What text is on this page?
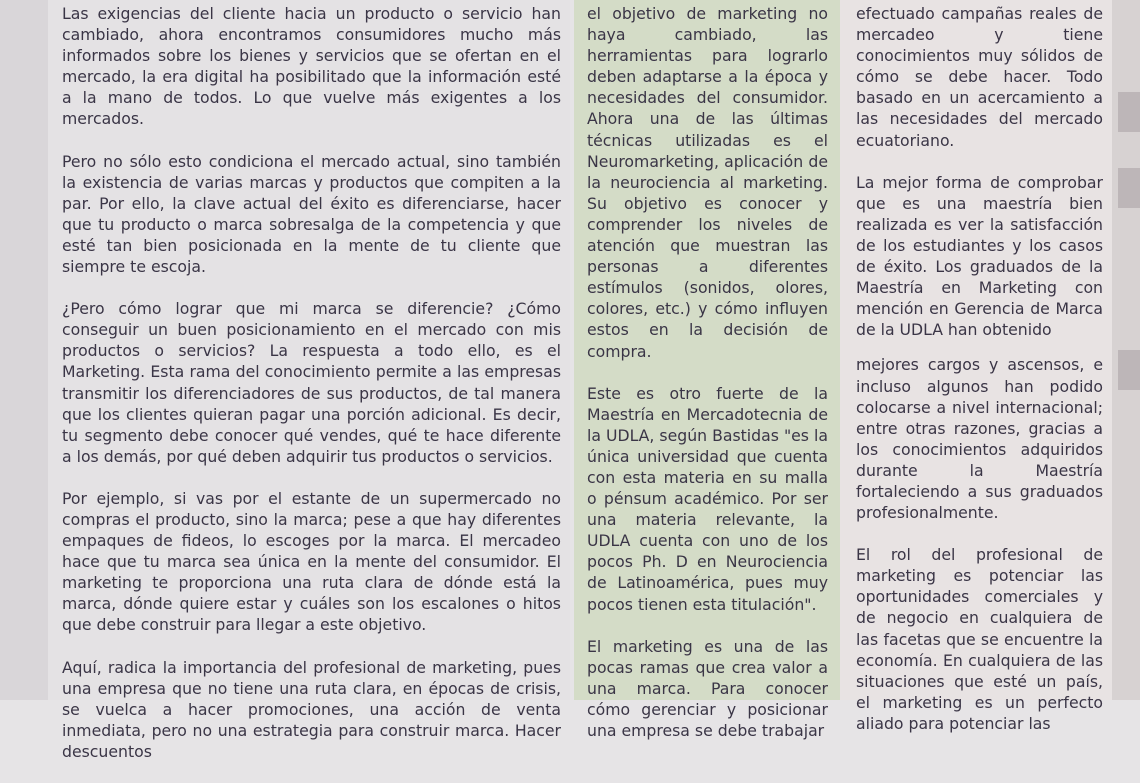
Las exigencias del cliente hacia un producto o servicio han cambiado, ahora encontramos consumidores mucho más informados sobre los bienes y servicios que se ofertan en el mercado, la era digital ha posibilitado que la información esté a la mano de todos. Lo que vuelve más exigentes a los mercados.

Pero no sólo esto condiciona el mercado actual, sino también la existencia de varias marcas y productos que compiten a la par. Por ello, la clave actual del éxito es diferenciarse, hacer que tu producto o marca sobresalga de la competencia y que esté tan bien posicionada en la mente de tu cliente que siempre te escoja.

¿Pero cómo lograr que mi marca se diferencie? ¿Cómo conseguir un buen posicionamiento en el mercado con mis productos o servicios? La respuesta a todo ello, es el Marketing. Esta rama del conocimiento permite a las empresas transmitir los diferenciadores de sus productos, de tal manera que los clientes quieran pagar una porción adicional. Es decir, tu segmento debe conocer qué vendes, qué te hace diferente a los demás, por qué deben adquirir tus productos o servicios.

Por ejemplo, si vas por el estante de un supermercado no compras el producto, sino la marca; pese a que hay diferentes empaques de fideos, lo escoges por la marca. El mercadeo hace que tu marca sea única en la mente del consumidor. El marketing te proporciona una ruta clara de dónde está la marca, dónde quiere estar y cuáles son los escalones o hitos que debe construir para llegar a este objetivo.

Aquí, radica la importancia del profesional de marketing, pues una empresa que no tiene una ruta clara, en épocas de crisis, se vuelca a hacer promociones, una acción de venta inmediata, pero no una estrategia para construir marca. Hacer descuentos

el objetivo de marketing no haya cambiado, las herramientas para lograrlo deben adaptarse a la época y necesidades del consumidor. Ahora una de las últimas técnicas utilizadas es el Neuromarketing, aplicación de la neurociencia al marketing. Su objetivo es conocer y comprender los niveles de atención que muestran las personas a diferentes estímulos (sonidos, olores, colores, etc.) y cómo influyen estos en la decisión de compra.

Este es otro fuerte de la Maestría en Mercadotecnia de la UDLA, según Bastidas "es la única universidad que cuenta con esta materia en su malla o pénsum académico. Por ser una materia relevante, la UDLA cuenta con uno de los pocos Ph. D en Neurociencia de Latinoamérica, pues muy pocos tienen esta titulación".

El marketing es una de las pocas ramas que crea valor a una marca. Para conocer cómo gerenciar y posicionar una empresa se debe trabajar

efectuado campañas reales de mercadeo y tiene conocimientos muy sólidos de cómo se debe hacer. Todo basado en un acercamiento a las necesidades del mercado ecuatoriano.

La mejor forma de comprobar que es una maestría bien realizada es ver la satisfacción de los estudiantes y los casos de éxito. Los graduados de la Maestría en Marketing con mención en Gerencia de Marca de la UDLA han obtenido

mejores cargos y ascensos, e incluso algunos han podido colocarse a nivel internacional; entre otras razones, gracias a los conocimientos adquiridos durante la Maestría fortaleciendo a sus graduados profesionalmente.

El rol del profesional de marketing es potenciar las oportunidades comerciales y de negocio en cualquiera de las facetas que se encuentre la economía. En cualquiera de las situaciones que esté un país, el marketing es un perfecto aliado para potenciar las
